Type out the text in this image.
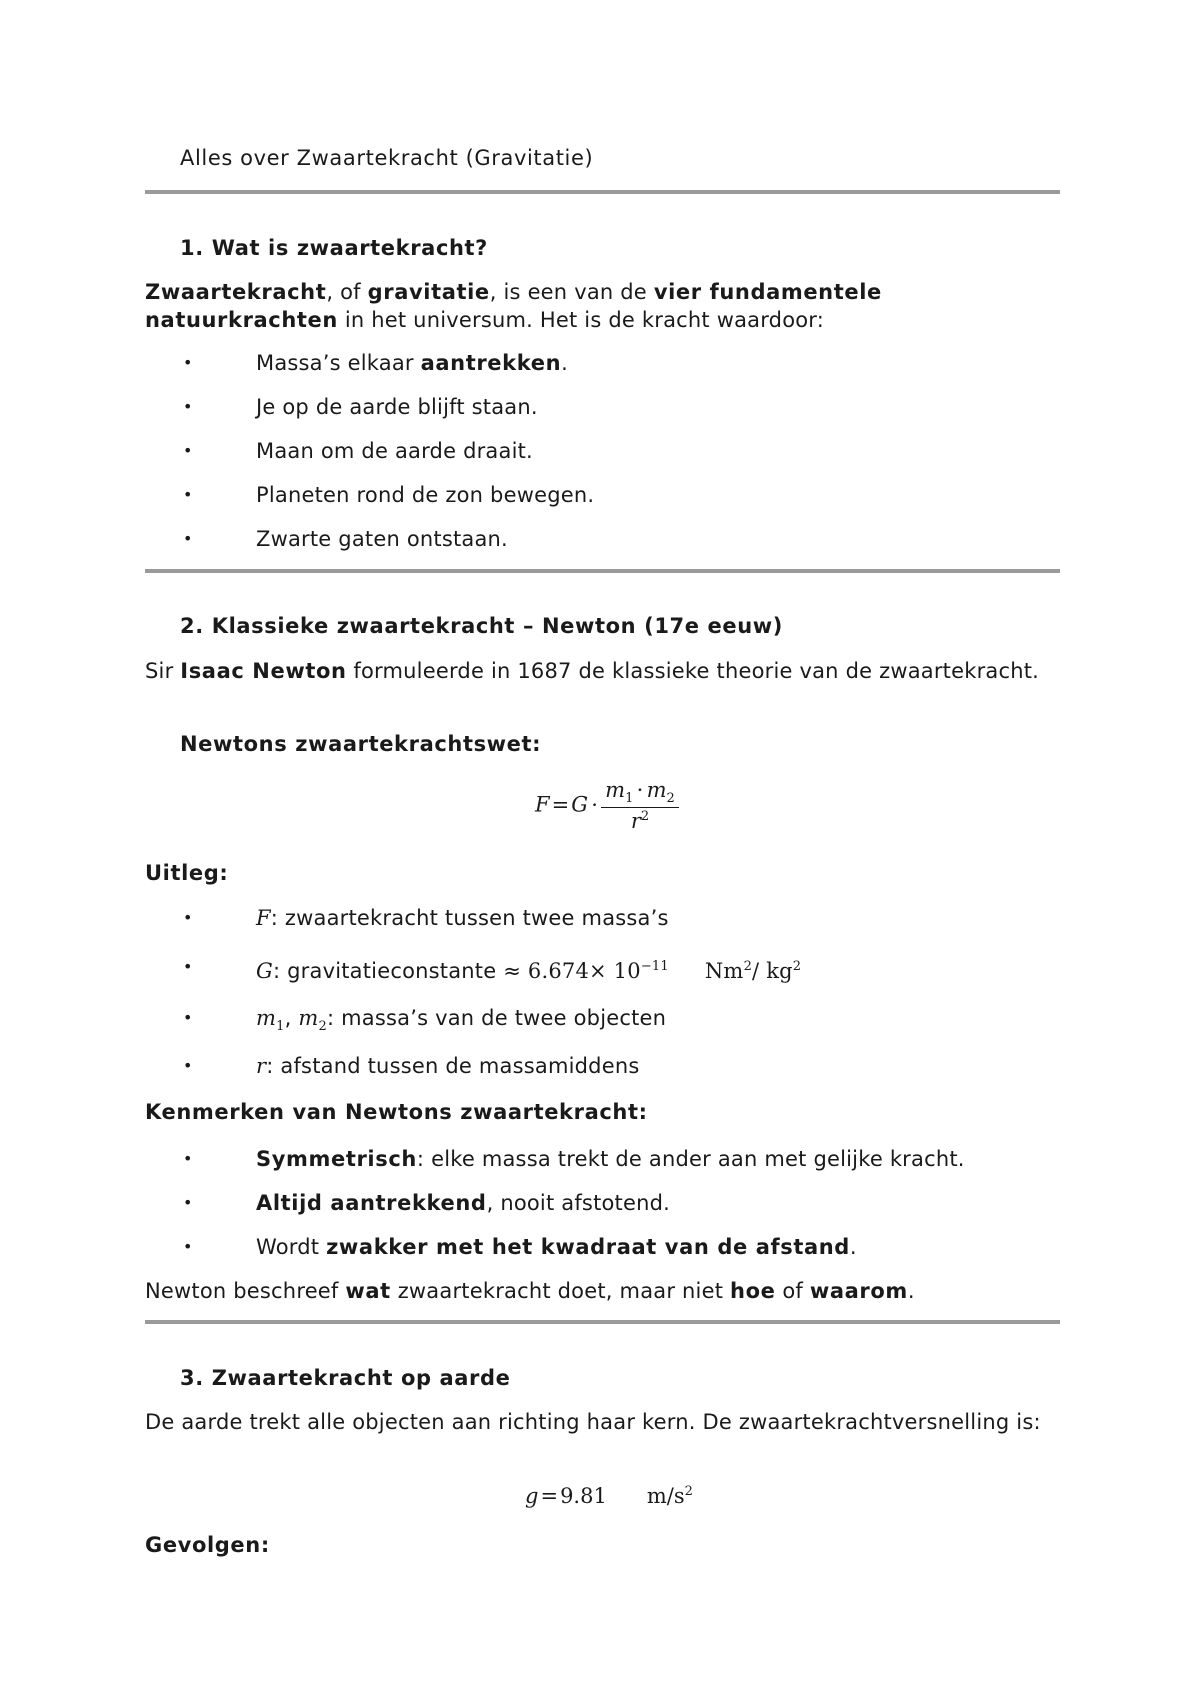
Alles over Zwaartekracht (Gravitatie)
1. Wat is zwaartekracht?
Zwaartekracht, of gravitatie, is een van de vier fundamentele natuurkrachten in het universum. Het is de kracht waardoor:
•	Massa’s elkaar aantrekken.
•	Je op de aarde blijft staan.
•	Maan om de aarde draait.
•	Planeten rond de zon bewegen.
•	Zwarte gaten ontstaan.
2. Klassieke zwaartekracht – Newton (17e eeuw)
Sir Isaac Newton formuleerde in 1687 de klassieke theorie van de zwaartekracht.
Newtons zwaartekrachtswet:
$F=G \cdot \frac{m_1 \cdot m_2}{r^2}$
Uitleg:
•	F: zwaartekracht tussen twee massa’s
•	G: gravitatieconstante ≈ $6.674\times 10^{-11}$ Nm$^2$/ $kg^2$
•	$m_1$, $m_2$: massa’s van de twee objecten
•	r: afstand tussen de massamiddens
Kenmerken van Newtons zwaartekracht:
•	Symmetrisch: elke massa trekt de ander aan met gelijke kracht.
•	Altijd aantrekkend, nooit afstotend.
•	Wordt zwakker met het kwadraat van de afstand.
Newton beschreef wat zwaartekracht doet, maar niet hoe of waarom.
3. Zwaartekracht op aarde
De aarde trekt alle objecten aan richting haar kern. De zwaartekrachtversnelling is:
g=9.81 $m/s^2$
Gevolgen:
